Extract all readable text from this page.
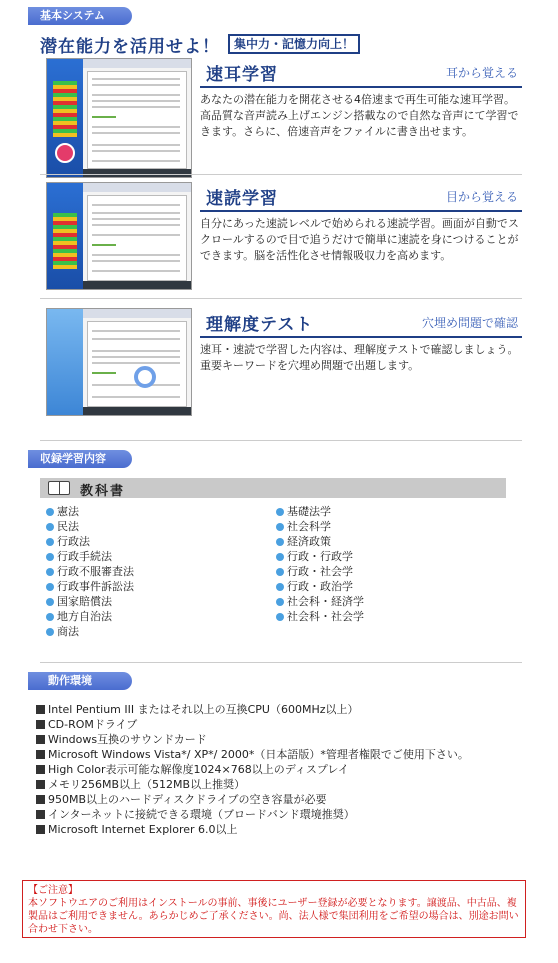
基本システム
潜在能力を活用せよ！	集中力・記憶力向上！
速耳学習	耳から覚える
あなたの潜在能力を開花させる4倍速まで再生可能な速耳学習。高品質な音声読み上げエンジン搭載なので自然な音声にて学習できます。さらに、倍速音声をファイルに書き出せます。
速読学習	目から覚える
自分にあった速読レベルで始められる速読学習。画面が自動でスクロールするので目で追うだけで簡単に速読を身につけることができます。脳を活性化させ情報吸収力を高めます。
理解度テスト	穴埋め問題で確認
速耳・速読で学習した内容は、理解度テストで確認しましょう。
重要キーワードを穴埋め問題で出題します。
収録学習内容
教科書
憲法
民法
行政法
行政手続法
行政不服審査法
行政事件訴訟法
国家賠償法
地方自治法
商法
基礎法学
社会科学
経済政策
行政・行政学
行政・社会学
行政・政治学
社会科・経済学
社会科・社会学
動作環境
Intel Pentium III またはそれ以上の互換CPU（600MHz以上）
CD-ROMドライブ
Windows互換のサウンドカード
Microsoft Windows Vista*/ XP*/ 2000*（日本語版）*管理者権限でご使用下さい。
High Color表示可能な解像度1024×768以上のディスプレイ
メモリ256MB以上（512MB以上推奨）
950MB以上のハードディスクドライブの空き容量が必要
インターネットに接続できる環境（ブロードバンド環境推奨）
Microsoft Internet Explorer 6.0以上
【ご注意】
本ソフトウエアのご利用はインストールの事前、事後にユーザー登録が必要となります。譲渡品、中古品、複製品はご利用できません。あらかじめご了承ください。尚、法人様で集団利用をご希望の場合は、別途お問い合わせ下さい。
